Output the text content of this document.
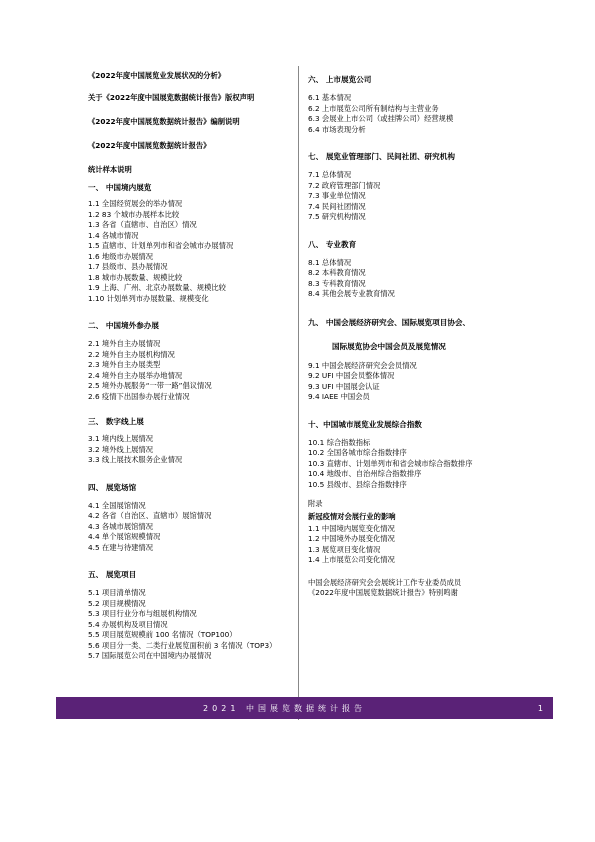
《2022年度中国展览业发展状况的分析》
关于《2022年度中国展览数据统计报告》版权声明
《2022年度中国展览数据统计报告》编制说明
《2022年度中国展览数据统计报告》
统计样本说明
一、 中国境内展览
1.1 全国经贸展会的举办情况
1.2 83 个城市办展样本比较
1.3 各省（直辖市、自治区）情况
1.4 各城市情况
1.5 直辖市、计划单列市和省会城市办展情况
1.6 地级市办展情况
1.7 县级市、县办展情况
1.8 城市办展数量、规模比较
1.9 上海、广州、北京办展数量、规模比较
1.10 计划单列市办展数量、规模变化
二、 中国境外参办展
2.1 境外自主办展情况
2.2 境外自主办展机构情况
2.3 境外自主办展类型
2.4 境外自主办展举办地情况
2.5 境外办展服务“一带一路”倡议情况
2.6 疫情下出国参办展行业情况
三、 数字线上展
3.1 境内线上展情况
3.2 境外线上展情况
3.3 线上展技术服务企业情况
四、 展览场馆
4.1 全国展馆情况
4.2 各省（自治区、直辖市）展馆情况
4.3 各城市展馆情况
4.4 单个展馆规模情况
4.5 在建与待建情况
五、 展览项目
5.1 项目清单情况
5.2 项目规模情况
5.3 项目行业分布与组展机构情况
5.4 办展机构及项目情况
5.5 项目展览规模前 100 名情况（TOP100）
5.6 项目分一类、二类行业展览面积前 3 名情况（TOP3）
5.7 国际展览公司在中国境内办展情况
六、 上市展览公司
6.1 基本情况
6.2 上市展览公司所有制结构与主营业务
6.3 会展业上市公司（或挂牌公司）经营规模
6.4 市场表现分析
七、 展览业管理部门、民间社团、研究机构
7.1 总体情况
7.2 政府管理部门情况
7.3 事业单位情况
7.4 民间社团情况
7.5 研究机构情况
八、 专业教育
8.1 总体情况
8.2 本科教育情况
8.3 专科教育情况
8.4 其他会展专业教育情况
九、 中国会展经济研究会、国际展览项目协会、
国际展览协会中国会员及展览情况
9.1 中国会展经济研究会会员情况
9.2 UFI 中国会员整体情况
9.3 UFI 中国展会认证
9.4 IAEE 中国会员
十、中国城市展览业发展综合指数
10.1 综合指数指标
10.2 全国各城市综合指数排序
10.3 直辖市、计划单列市和省会城市综合指数排序
10.4 地级市、自治州综合指数排序
10.5 县级市、县综合指数排序
附录
新冠疫情对会展行业的影响
1.1 中国境内展览变化情况
1.2 中国境外办展变化情况
1.3 展览项目变化情况
1.4 上市展览公司变化情况
中国会展经济研究会会展统计工作专业委员成员
《2022年度中国展览数据统计报告》特别鸣谢
2021 中国展览数据统计报告	1
